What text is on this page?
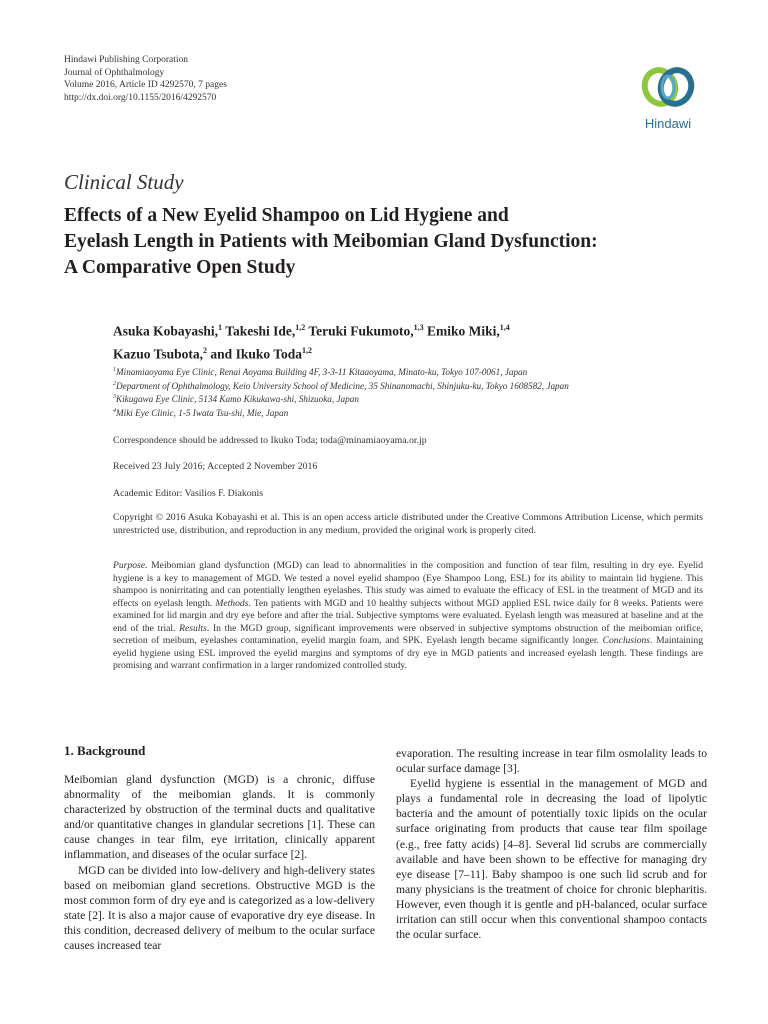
Hindawi Publishing Corporation
Journal of Ophthalmology
Volume 2016, Article ID 4292570, 7 pages
http://dx.doi.org/10.1155/2016/4292570
Hindawi
Clinical Study
Effects of a New Eyelid Shampoo on Lid Hygiene and
Eyelash Length in Patients with Meibomian Gland Dysfunction:
A Comparative Open Study
Asuka Kobayashi,$^1$ Takeshi Ide,$^{1,2}$ Teruki Fukumoto,$^{1,3}$ Emiko Miki,$^{1,4}$
Kazuo Tsubota,$^2$ and Ikuko Toda$^{1,2}$
$^1$Minamiaoyama Eye Clinic, Renai Aoyama Building 4F, 3-3-11 Kitaaoyama, Minato-ku, Tokyo 107-0061, Japan
$^2$Department of Ophthalmology, Keio University School of Medicine, 35 Shinanomachi, Shinjuku-ku, Tokyo 1608582, Japan
$^3$Kikugawa Eye Clinic, 5134 Kamo Kikukawa-shi, Shizuoka, Japan
$^4$Miki Eye Clinic, 1-5 Iwata Tsu-shi, Mie, Japan
Correspondence should be addressed to Ikuko Toda; toda@minamiaoyama.or.jp
Received 23 July 2016; Accepted 2 November 2016
Academic Editor: Vasilios F. Diakonis
Copyright © 2016 Asuka Kobayashi et al. This is an open access article distributed under the Creative Commons Attribution License, which permits unrestricted use, distribution, and reproduction in any medium, provided the original work is properly cited.
Purpose. Meibomian gland dysfunction (MGD) can lead to abnormalities in the composition and function of tear film, resulting in dry eye. Eyelid hygiene is a key to management of MGD. We tested a novel eyelid shampoo (Eye Shampoo Long, ESL) for its ability to maintain lid hygiene. This shampoo is nonirritating and can potentially lengthen eyelashes. This study was aimed to evaluate the efficacy of ESL in the treatment of MGD and its effects on eyelash length. Methods. Ten patients with MGD and 10 healthy subjects without MGD applied ESL twice daily for 8 weeks. Patients were examined for lid margin and dry eye before and after the trial. Subjective symptoms were evaluated. Eyelash length was measured at baseline and at the end of the trial. Results. In the MGD group, significant improvements were observed in subjective symptoms obstruction of the meibomian orifice, secretion of meibum, eyelashes contamination, eyelid margin foam, and SPK. Eyelash length became significantly longer. Conclusions. Maintaining eyelid hygiene using ESL improved the eyelid margins and symptoms of dry eye in MGD patients and increased eyelash length. These findings are promising and warrant confirmation in a larger randomized controlled study.
1. Background

Meibomian gland dysfunction (MGD) is a chronic, diffuse abnormality of the meibomian glands. It is commonly characterized by obstruction of the terminal ducts and qualitative and/or quantitative changes in glandular secretions [1]. These can cause changes in tear film, eye irritation, clinically apparent inflammation, and diseases of the ocular surface [2].

MGD can be divided into low-delivery and high-delivery states based on meibomian gland secretions. Obstructive MGD is the most common form of dry eye and is categorized as a low-delivery state [2]. It is also a major cause of evaporative dry eye disease. In this condition, decreased delivery of meibum to the ocular surface causes increased tear

evaporation. The resulting increase in tear film osmolality leads to ocular surface damage [3].

Eyelid hygiene is essential in the management of MGD and plays a fundamental role in decreasing the load of lipolytic bacteria and the amount of potentially toxic lipids on the ocular surface originating from products that cause tear film spoilage (e.g., free fatty acids) [4–8]. Several lid scrubs are commercially available and have been shown to be effective for managing dry eye disease [7–11]. Baby shampoo is one such lid scrub and for many physicians is the treatment of choice for chronic blepharitis. However, even though it is gentle and pH-balanced, ocular surface irritation can still occur when this conventional shampoo contacts the ocular surface.
